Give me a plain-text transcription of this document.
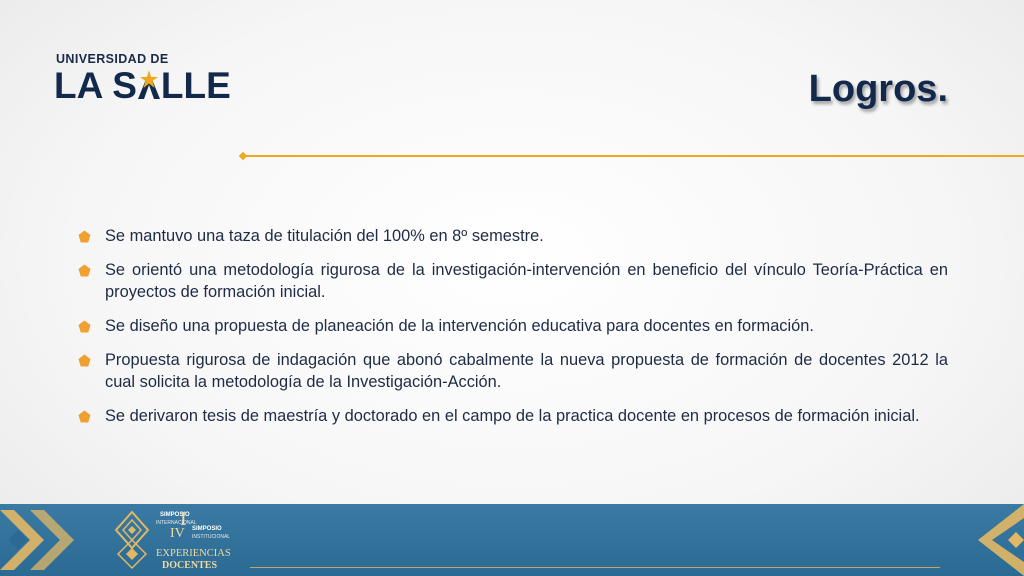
UNIVERSIDAD DE
LA S LLE	Logros.
Se mantuvo una taza de titulación del 100% en 8º semestre.
Se orientó una metodología rigurosa de la investigación-intervención en beneficio del vínculo Teoría-Práctica en proyectos de formación inicial.
Se diseño una propuesta de planeación de la intervención educativa para docentes en formación.
Propuesta rigurosa de indagación que abonó cabalmente la nueva propuesta de formación de docentes 2012 la cual solicita la metodología de la Investigación-Acción.
Se derivaron tesis de maestría y doctorado en el campo de la practica docente en procesos de formación inicial.
SIMPOSIO
INTERNACIONAL
I
IV SIMPOSIO
INSTITUCIONAL
EXPERIENCIAS
DOCENTES
